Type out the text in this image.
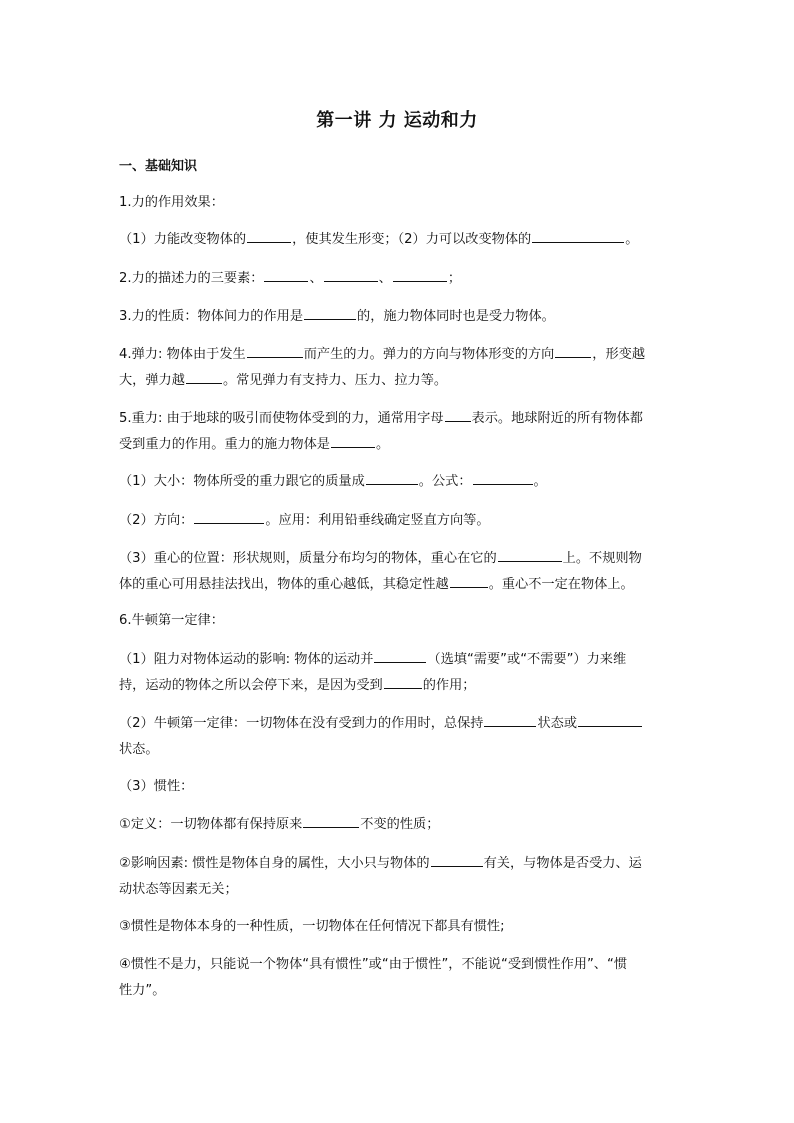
第一讲 力 运动和力
一、基础知识
1.力的作用效果：
（1）力能改变物体的	，使其发生形变；（2）力可以改变物体的	。
2.力的描述力的三要素：	、	、	；
3.力的性质：物体间力的作用是	的，施力物体同时也是受力物体。
4.弹力: 物体由于发生	而产生的力。弹力的方向与物体形变的方向	，形变越
大，弹力越	。常见弹力有支持力、压力、拉力等。
5.重力: 由于地球的吸引而使物体受到的力，通常用字母 表示。地球附近的所有物体都
受到重力的作用。重力的施力物体是	。
（1）大小：物体所受的重力跟它的质量成	。公式：	。
（2）方向：	。应用：利用铅垂线确定竖直方向等。
（3）重心的位置：形状规则，质量分布均匀的物体，重心在它的	上。不规则物
体的重心可用悬挂法找出，物体的重心越低，其稳定性越	。重心不一定在物体上。
6.牛顿第一定律：
（1）阻力对物体运动的影响: 物体的运动并	（选填“需要”或“不需要”）力来维
持，运动的物体之所以会停下来，是因为受到	的作用；
（2）牛顿第一定律：一切物体在没有受到力的作用时，总保持	状态或
状态。
（3）惯性：
①定义：一切物体都有保持原来	不变的性质；
②影响因素: 惯性是物体自身的属性，大小只与物体的	有关，与物体是否受力、运
动状态等因素无关；
③惯性是物体本身的一种性质，一切物体在任何情况下都具有惯性;
④惯性不是力，只能说一个物体“具有惯性”或“由于惯性”，不能说“受到惯性作用”、“惯
性力”。
